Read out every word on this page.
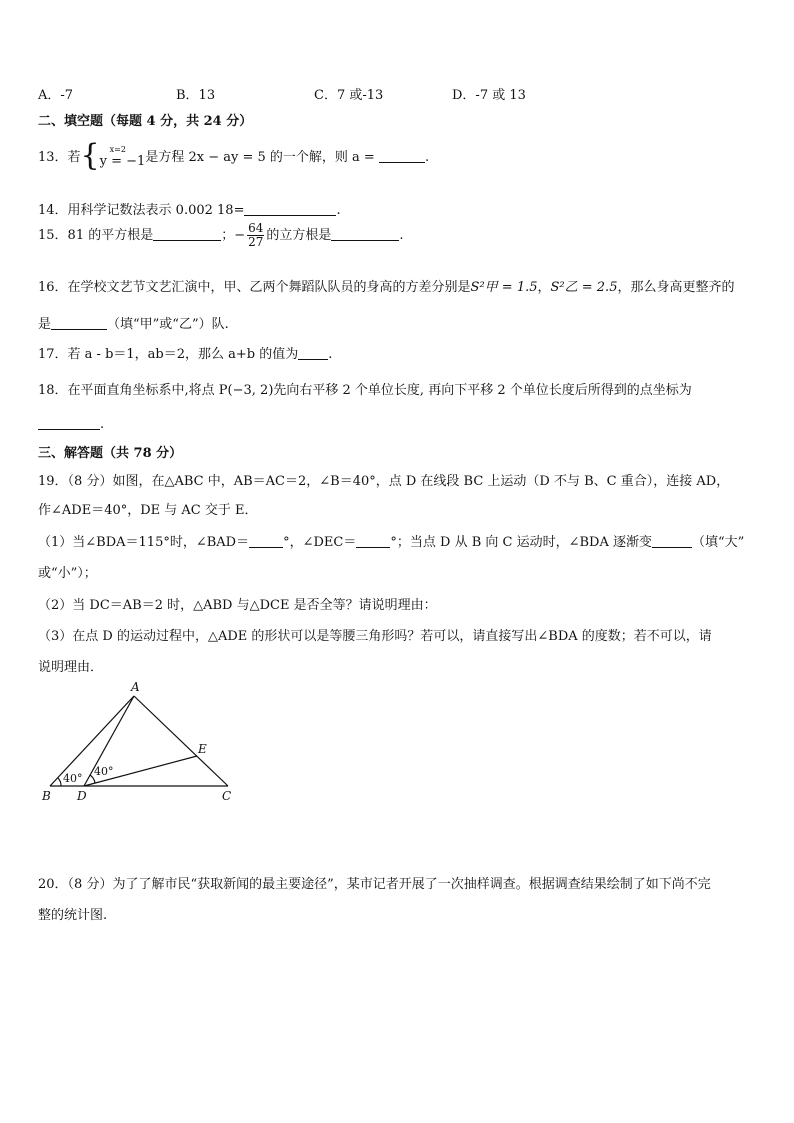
A．-7	B．13	C．7 或-13	D．-7 或 13
二、填空题（每题 4 分，共 24 分）
13．若{ x=2
y = −1 是方程 2x − ay = 5 的一个解，则 a =	.
14．用科学记数法表示 0.002 18=	.
15．81 的平方根是	；− $\frac{64}{27}$ 的立方根是	.
16．在学校文艺节文艺汇演中，甲、乙两个舞蹈队队员的身高的方差分别是S²甲 = 1.5，S²乙 = 2.5，那么身高更整齐的
是	（填“甲”或“乙”）队.
17．若 a - b＝1，ab＝2，那么 a+b 的值为 .
18．在平面直角坐标系中,将点 P(−3, 2)先向右平移 2 个单位长度, 再向下平移 2 个单位长度后所得到的点坐标为
.
三、解答题（共 78 分）
19．（8 分）如图，在△ABC 中，AB＝AC＝2，∠B＝40°，点 D 在线段 BC 上运动（D 不与 B、C 重合），连接 AD，
作∠ADE＝40°，DE 与 AC 交于 E．
（1）当∠BDA＝115°时，∠BAD＝	°，∠DEC＝	°；当点 D 从 B 向 C 运动时，∠BDA 逐渐变	（填“大”
或“小”）；
（2）当 DC＝AB＝2 时，△ABD 与△DCE 是否全等？请说明理由：
（3）在点 D 的运动过程中，△ADE 的形状可以是等腰三角形吗？若可以，请直接写出∠BDA 的度数；若不可以，请
说明理由．
A
B	C
D
E
40°
40°
20．（8 分）为了了解市民“获取新闻的最主要途径”，某市记者开展了一次抽样调查。根据调查结果绘制了如下尚不完
整的统计图.
